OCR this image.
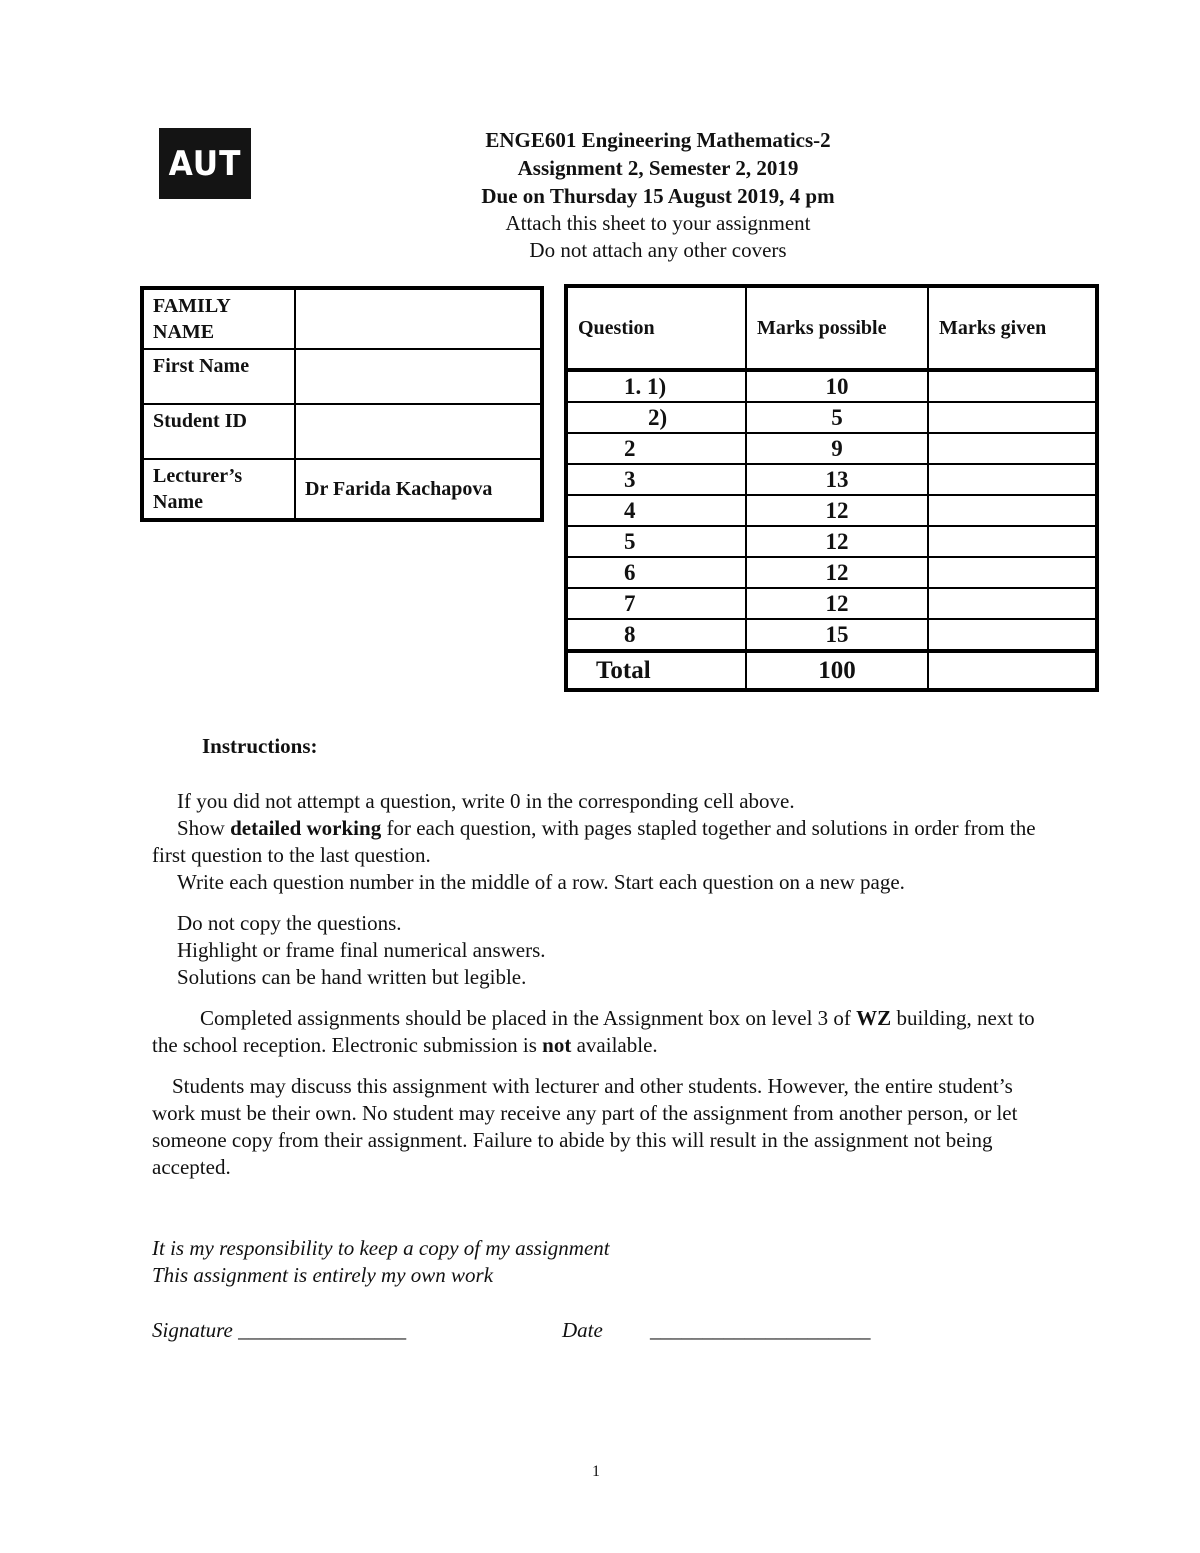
AUT
ENGE601 Engineering Mathematics-2
Assignment 2, Semester 2, 2019
Due on Thursday 15 August 2019, 4 pm
Attach this sheet to your assignment
Do not attach any other covers
FAMILY NAME	
First Name	
Student ID	
Lecturer’s Name	Dr Farida Kachapova
Question	Marks possible	Marks given
1. 1)	10	
2)	5	
2	9	
3	13	
4	12	
5	12	
6	12	
7	12	
8	15	
Total	100	
Instructions:

If you did not attempt a question, write 0 in the corresponding cell above.

Show detailed working for each question, with pages stapled together and solutions in order from the first question to the last question.

Write each question number in the middle of a row. Start each question on a new page.

Do not copy the questions.

Highlight or frame final numerical answers.

Solutions can be hand written but legible.

Completed assignments should be placed in the Assignment box on level 3 of WZ building, next to the school reception. Electronic submission is not available.

Students may discuss this assignment with lecturer and other students. However, the entire student’s work must be their own. No student may receive any part of the assignment from another person, or let someone copy from their assignment. Failure to abide by this will result in the assignment not being accepted.

It is my responsibility to keep a copy of my assignment

This assignment is entirely my own work

Signature ________________	Date _____________________
1
